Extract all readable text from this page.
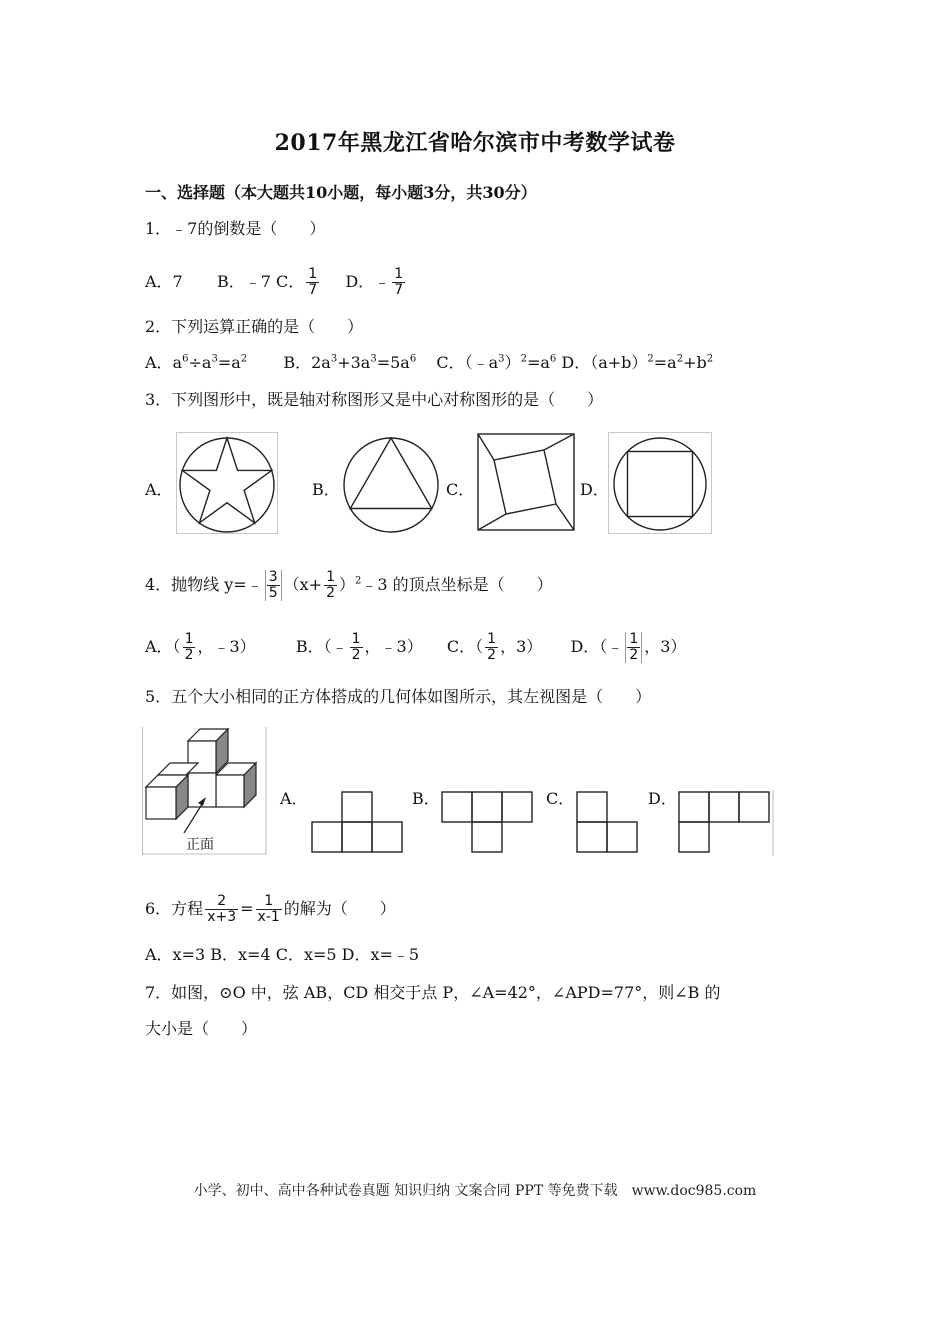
2017年黑龙江省哈尔滨市中考数学试卷
一、选择题（本大题共10小题，每小题3分，共30分）
1．﹣7的倒数是（　　）
A．7 B．﹣7 C． $\frac{1}{7}$ D．﹣ $\frac{1}{7}$
2．下列运算正确的是（　　）
A．$a^6\div a^3=a^2$ B．$2a^3+3a^3=5a^6$ C．$(﹣a^3)^2=a^6$ D．$(a+b)^2=a^2+b^2$
3．下列图形中，既是轴对称图形又是中心对称图形的是（　　）
A．	B．	C．	D．
4．抛物线 y=﹣ $\frac{3}{5} (x+ \frac{1}{2}$ ）$^2﹣3$ 的顶点坐标是（　　）
A．（ $\frac{1}{2}$ ，﹣3）	B．（﹣ $\frac{1}{2}$ ，﹣3） C．（ $\frac{1}{2}$ ，3） D．（﹣ $\frac{1}{2}$ ，3）
5．五个大小相同的正方体搭成的几何体如图所示，其左视图是（　　）
正面
A．	B．	C．	D．
6．方程 $\frac{2}{x+3} = \frac{1}{x-1}$ 的解为（　　）
A．x=3 B．x=4 C．x=5 D．x=﹣5
7．如图，⊙O 中，弦 AB，CD 相交于点 P，∠A=42°，∠APD=77°，则∠B 的
大小是（　　）
小学、初中、高中各种试卷真题 知识归纳 文案合同 PPT 等免费下载　www.doc985.com
